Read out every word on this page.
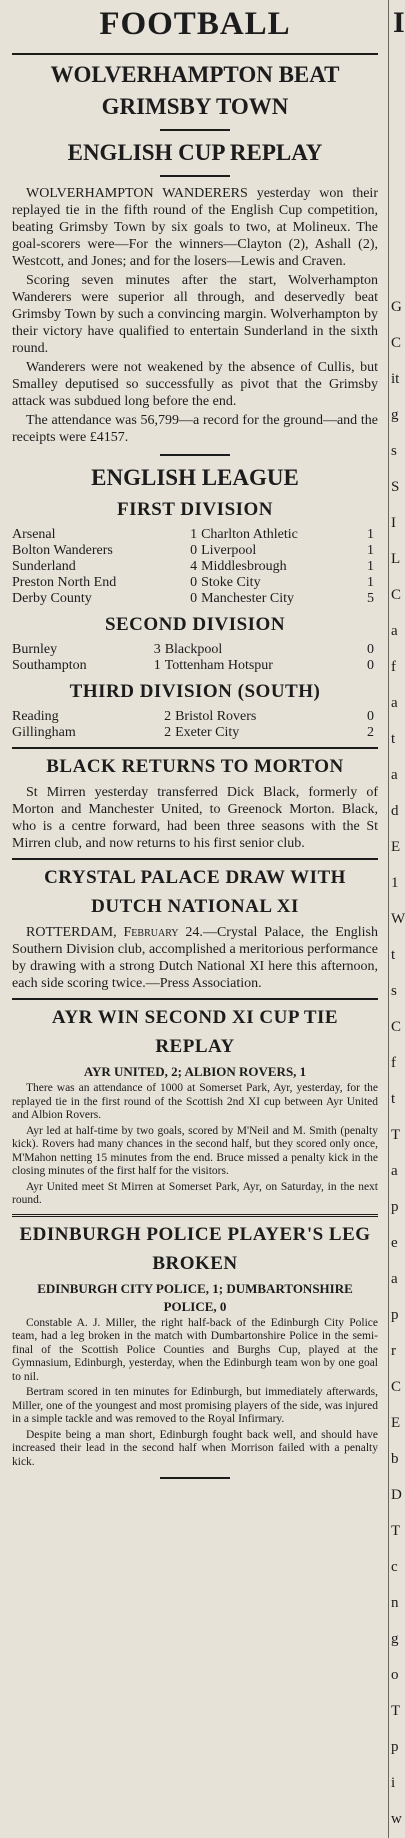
FOOTBALL
WOLVERHAMPTON BEAT
GRIMSBY TOWN
ENGLISH CUP REPLAY

WOLVERHAMPTON WANDERERS yesterday won their replayed tie in the fifth round of the English Cup competition, beating Grimsby Town by six goals to two, at Molineux. The goal-scorers were—For the winners—Clayton (2), Ashall (2), Westcott, and Jones; and for the losers—Lewis and Craven.

Scoring seven minutes after the start, Wolverhampton Wanderers were superior all through, and deservedly beat Grimsby Town by such a convincing margin. Wolverhampton by their victory have qualified to entertain Sunderland in the sixth round.

Wanderers were not weakened by the absence of Cullis, but Smalley deputised so successfully as pivot that the Grimsby attack was subdued long before the end.

The attendance was 56,799—a record for the ground—and the receipts were £4157.

ENGLISH LEAGUE
FIRST DIVISION
Arsenal	1	Charlton Athletic	1
Bolton Wanderers	0	Liverpool	1
Sunderland	4	Middlesbrough	1
Preston North End	0	Stoke City	1
Derby County	0	Manchester City	5
SECOND DIVISION
Burnley	3	Blackpool	0
Southampton	1	Tottenham Hotspur	0
THIRD DIVISION (SOUTH)
Reading	2	Bristol Rovers	0
Gillingham	2	Exeter City	2
BLACK RETURNS TO MORTON

St Mirren yesterday transferred Dick Black, formerly of Morton and Manchester United, to Greenock Morton. Black, who is a centre forward, had been three seasons with the St Mirren club, and now returns to his first senior club.

CRYSTAL PALACE DRAW WITH
DUTCH NATIONAL XI

ROTTERDAM, February 24.—Crystal Palace, the English Southern Division club, accomplished a meritorious performance by drawing with a strong Dutch National XI here this afternoon, each side scoring twice.—Press Association.

AYR WIN SECOND XI CUP TIE
REPLAY
AYR UNITED, 2; ALBION ROVERS, 1

There was an attendance of 1000 at Somerset Park, Ayr, yesterday, for the replayed tie in the first round of the Scottish 2nd XI cup between Ayr United and Albion Rovers.

Ayr led at half-time by two goals, scored by M'Neil and M. Smith (penalty kick). Rovers had many chances in the second half, but they scored only once, M'Mahon netting 15 minutes from the end. Bruce missed a penalty kick in the closing minutes of the first half for the visitors.

Ayr United meet St Mirren at Somerset Park, Ayr, on Saturday, in the next round.

EDINBURGH POLICE PLAYER'S LEG
BROKEN
EDINBURGH CITY POLICE, 1; DUMBARTONSHIRE
POLICE, 0

Constable A. J. Miller, the right half-back of the Edinburgh City Police team, had a leg broken in the match with Dumbartonshire Police in the semi-final of the Scottish Police Counties and Burghs Cup, played at the Gymnasium, Edinburgh, yesterday, when the Edinburgh team won by one goal to nil.

Bertram scored in ten minutes for Edinburgh, but immediately afterwards, Miller, one of the youngest and most promising players of the side, was injured in a simple tackle and was removed to the Royal Infirmary.

Despite being a man short, Edinburgh fought back well, and should have increased their lead in the second half when Morrison failed with a penalty kick.

I
G
C
it
g
s
S
I
L
C
a
f
a
t
a
d
E
1
W
t
s
C
f
t
T
a
p
e
a
p
r
C
E
b
D
T
c
n
g
o
T
p
i
w
